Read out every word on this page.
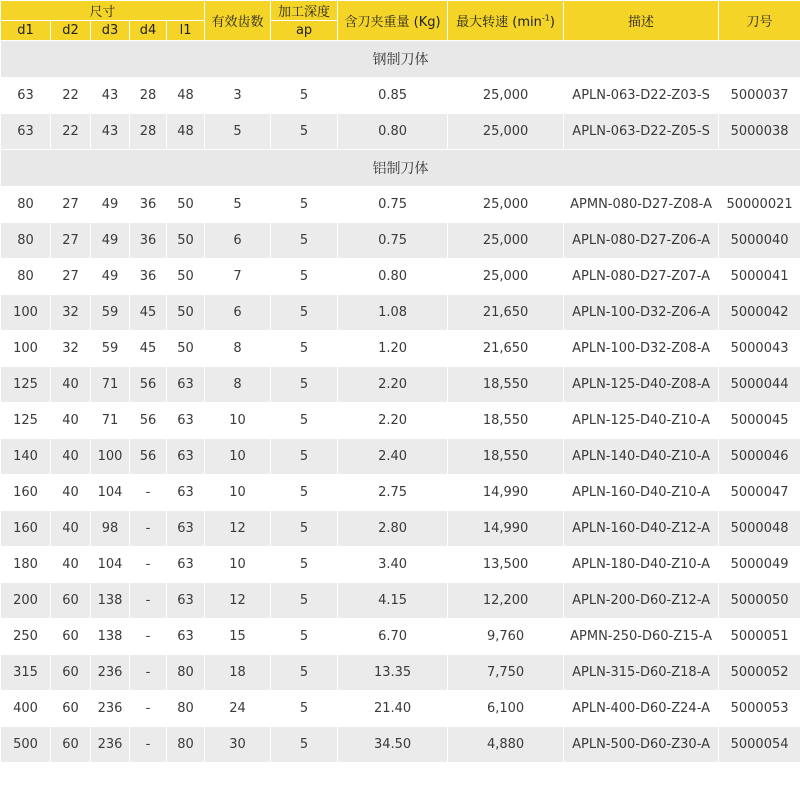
尺寸					有效齿数	加工深度	含刀夹重量 (Kg)	最大转速 $(\min^{-1})$	描述	刀号
d1	d2	d3	d4	l1		ap				
钢制刀体										
63	22	43	28	48	3	5	0.85	25,000	APLN-063-D22-Z03-S	5000037
63	22	43	28	48	5	5	0.80	25,000	APLN-063-D22-Z05-S	5000038
铝制刀体										
80	27	49	36	50	5	5	0.75	25,000	APMN-080-D27-Z08-A	50000021
80	27	49	36	50	6	5	0.75	25,000	APLN-080-D27-Z06-A	5000040
80	27	49	36	50	7	5	0.80	25,000	APLN-080-D27-Z07-A	5000041
100	32	59	45	50	6	5	1.08	21,650	APLN-100-D32-Z06-A	5000042
100	32	59	45	50	8	5	1.20	21,650	APLN-100-D32-Z08-A	5000043
125	40	71	56	63	8	5	2.20	18,550	APLN-125-D40-Z08-A	5000044
125	40	71	56	63	10	5	2.20	18,550	APLN-125-D40-Z10-A	5000045
140	40	100	56	63	10	5	2.40	18,550	APLN-140-D40-Z10-A	5000046
160	40	104	-	63	10	5	2.75	14,990	APLN-160-D40-Z10-A	5000047
160	40	98	-	63	12	5	2.80	14,990	APLN-160-D40-Z12-A	5000048
180	40	104	-	63	10	5	3.40	13,500	APLN-180-D40-Z10-A	5000049
200	60	138	-	63	12	5	4.15	12,200	APLN-200-D60-Z12-A	5000050
250	60	138	-	63	15	5	6.70	9,760	APMN-250-D60-Z15-A	5000051
315	60	236	-	80	18	5	13.35	7,750	APLN-315-D60-Z18-A	5000052
400	60	236	-	80	24	5	21.40	6,100	APLN-400-D60-Z24-A	5000053
500	60	236	-	80	30	5	34.50	4,880	APLN-500-D60-Z30-A	5000054
